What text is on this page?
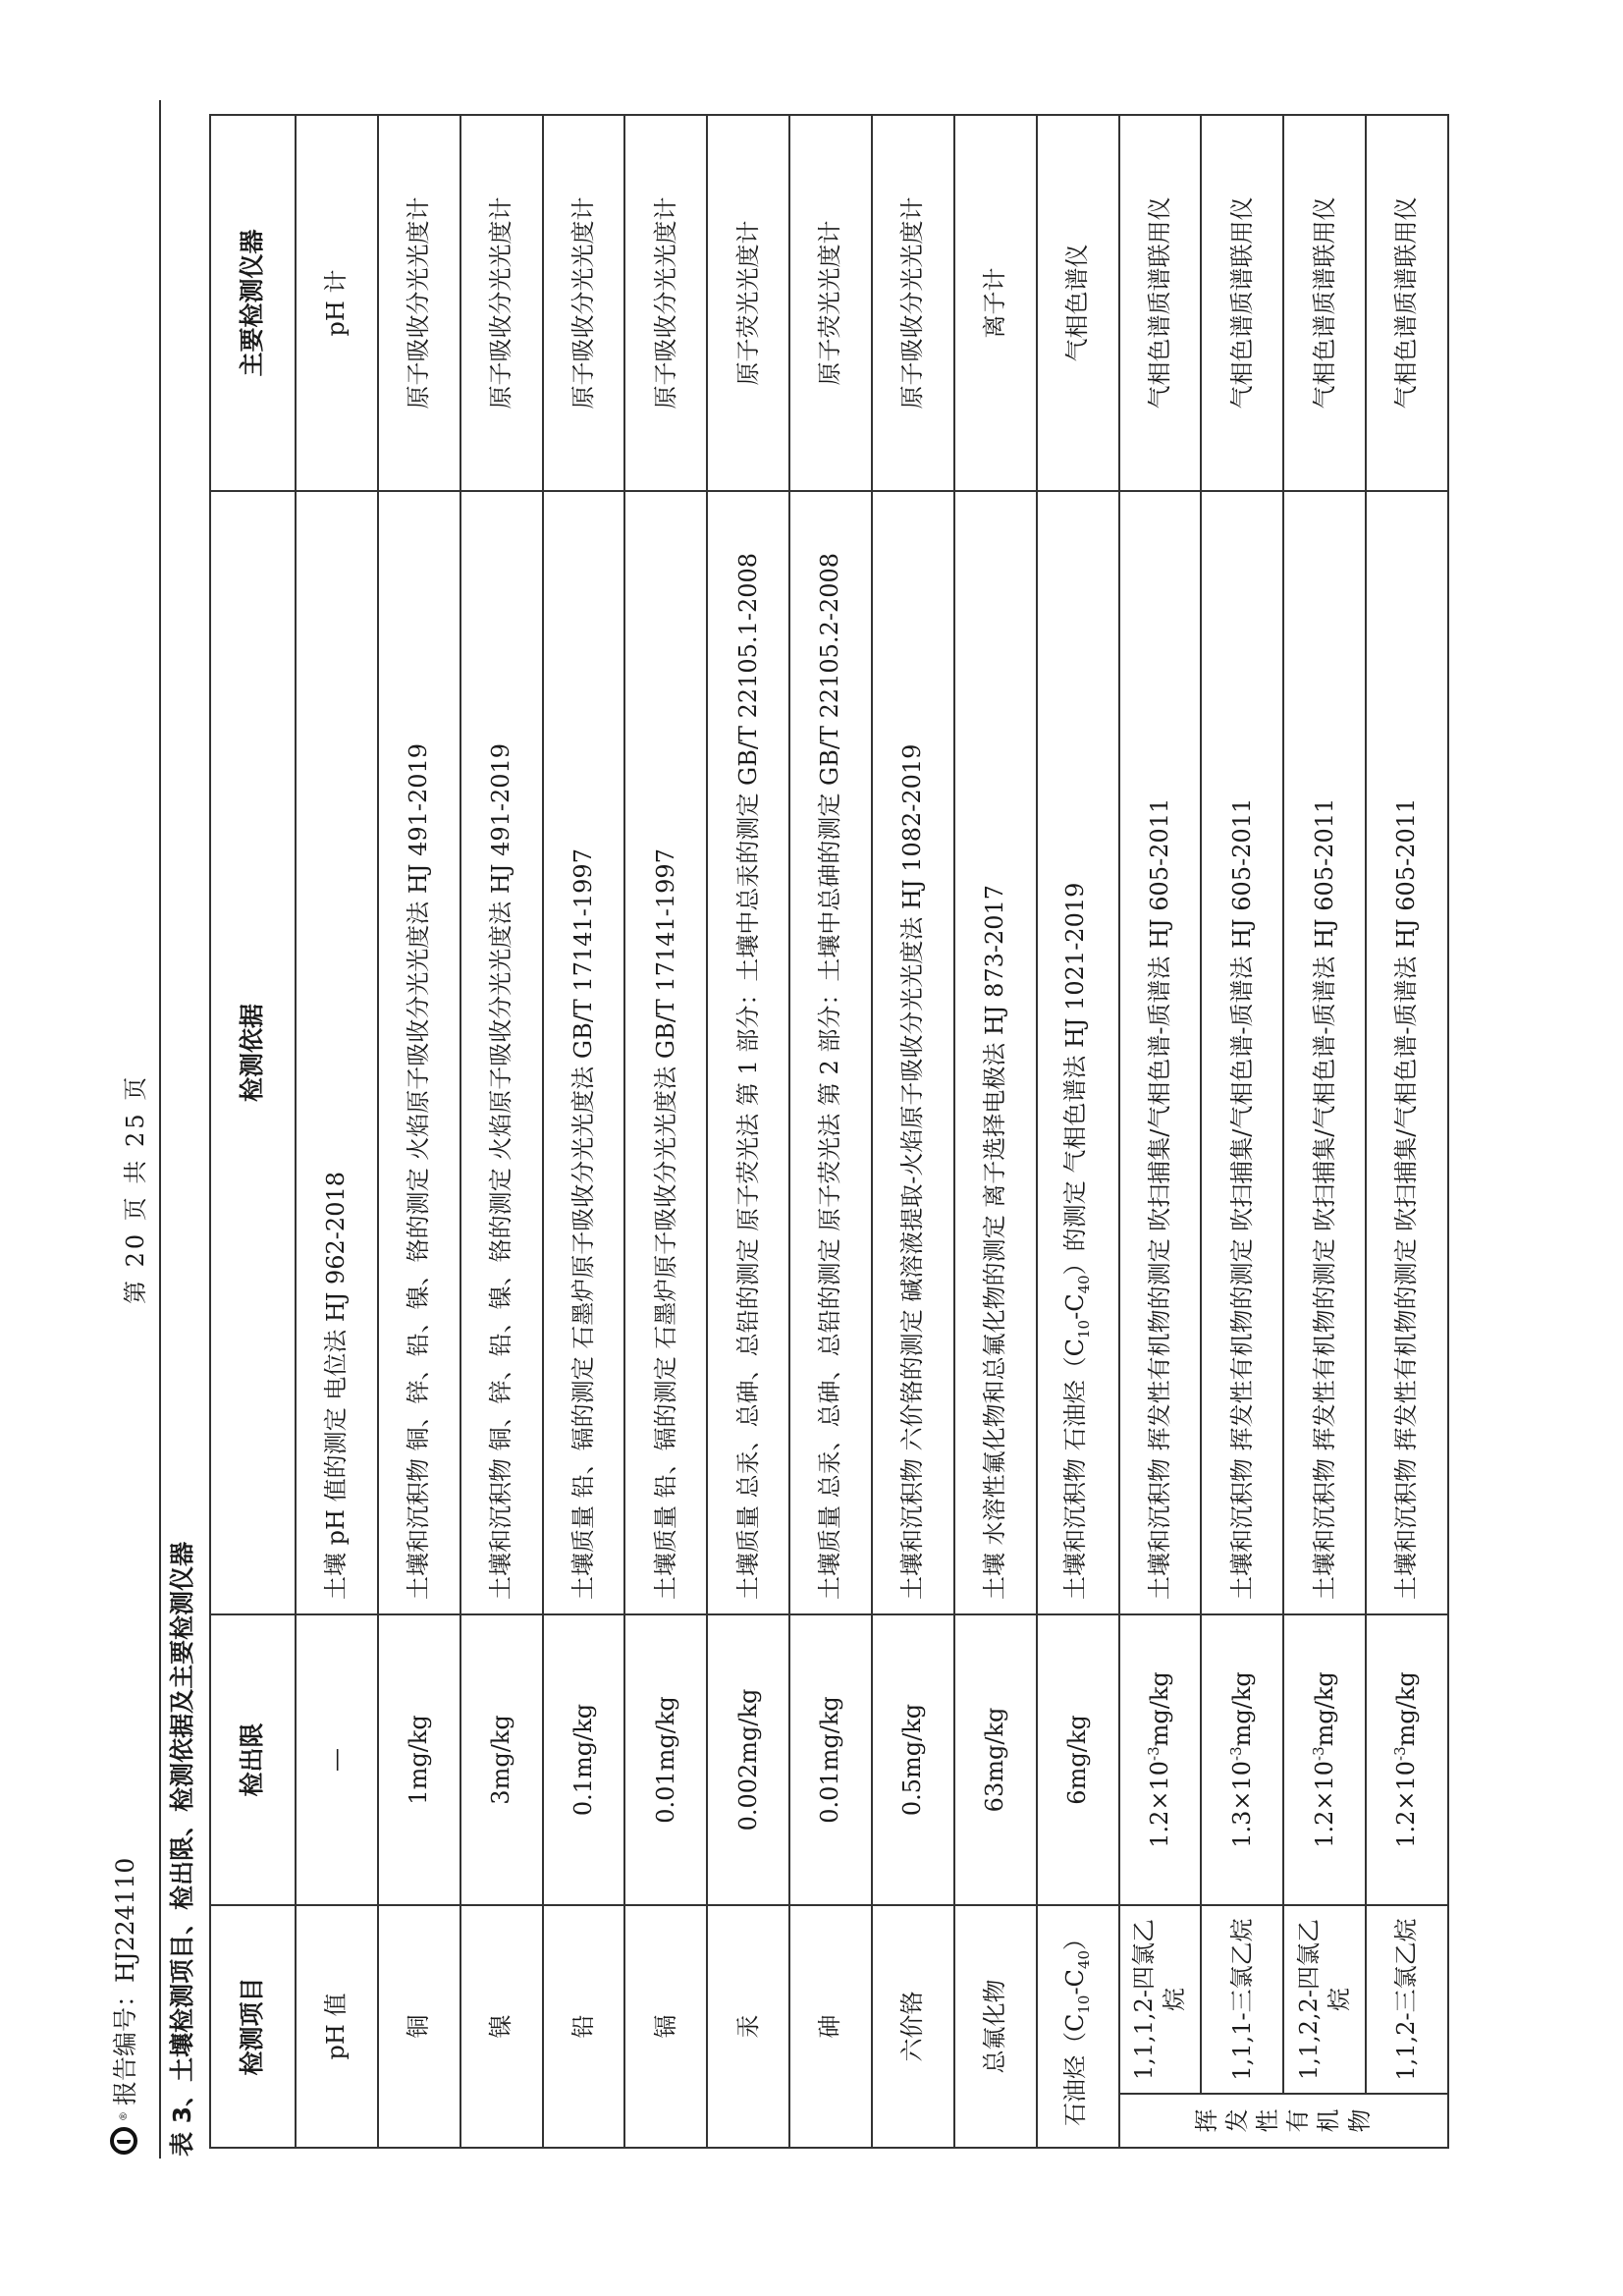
®
报告编号：HJ224110
第 20 页 共 25 页
表 3、土壤检测项目、检出限、检测依据及主要检测仪器 检测项目		检出限	检测依据	主要检测仪器
pH 值		—	土壤 pH 值的测定 电位法 HJ 962-2018	pH 计
铜		1mg/kg	土壤和沉积物 铜、锌、铅、镍、铬的测定 火焰原子吸收分光光度法 HJ 491-2019	原子吸收分光光度计
镍		3mg/kg	土壤和沉积物 铜、锌、铅、镍、铬的测定 火焰原子吸收分光光度法 HJ 491-2019	原子吸收分光光度计
铅		0.1mg/kg	土壤质量 铅、镉的测定 石墨炉原子吸收分光光度法 GB/T 17141-1997	原子吸收分光光度计
镉		0.01mg/kg	土壤质量 铅、镉的测定 石墨炉原子吸收分光光度法 GB/T 17141-1997	原子吸收分光光度计
汞		0.002mg/kg	土壤质量 总汞、总砷、总铅的测定 原子荧光法 第 1 部分：土壤中总汞的测定 GB/T 22105.1-2008	原子荧光光度计
砷		0.01mg/kg	土壤质量 总汞、总砷、总铅的测定 原子荧光法 第 2 部分：土壤中总砷的测定 GB/T 22105.2-2008	原子荧光光度计
六价铬		0.5mg/kg	土壤和沉积物 六价铬的测定 碱溶液提取-火焰原子吸收分光光度法 HJ 1082-2019	原子吸收分光光度计
总氟化物		63mg/kg	土壤 水溶性氟化物和总氟化物的测定 离子选择电极法 HJ 873-2017	离子计
石油烃$(C_{10}-C_{40})$		6mg/kg	土壤和沉积物 石油烃$(C_{10}-C_{40})$的测定 气相色谱法 HJ 1021-2019	气相色谱仪
挥发性有机物	1,1,1,2-四氯乙烷	$1.2\times 10^{-3}mg/kg$	土壤和沉积物 挥发性有机物的测定 吹扫捕集/气相色谱-质谱法 HJ 605-2011	气相色谱质谱联用仪
	1,1,1-三氯乙烷	$1.3\times 10^{-3}mg/kg$	土壤和沉积物 挥发性有机物的测定 吹扫捕集/气相色谱-质谱法 HJ 605-2011	气相色谱质谱联用仪
	1,1,2,2-四氯乙烷	$1.2\times 10^{-3}mg/kg$	土壤和沉积物 挥发性有机物的测定 吹扫捕集/气相色谱-质谱法 HJ 605-2011	气相色谱质谱联用仪
	1,1,2-三氯乙烷	$1.2\times 10^{-3}mg/kg$	土壤和沉积物 挥发性有机物的测定 吹扫捕集/气相色谱-质谱法 HJ 605-2011	气相色谱质谱联用仪
